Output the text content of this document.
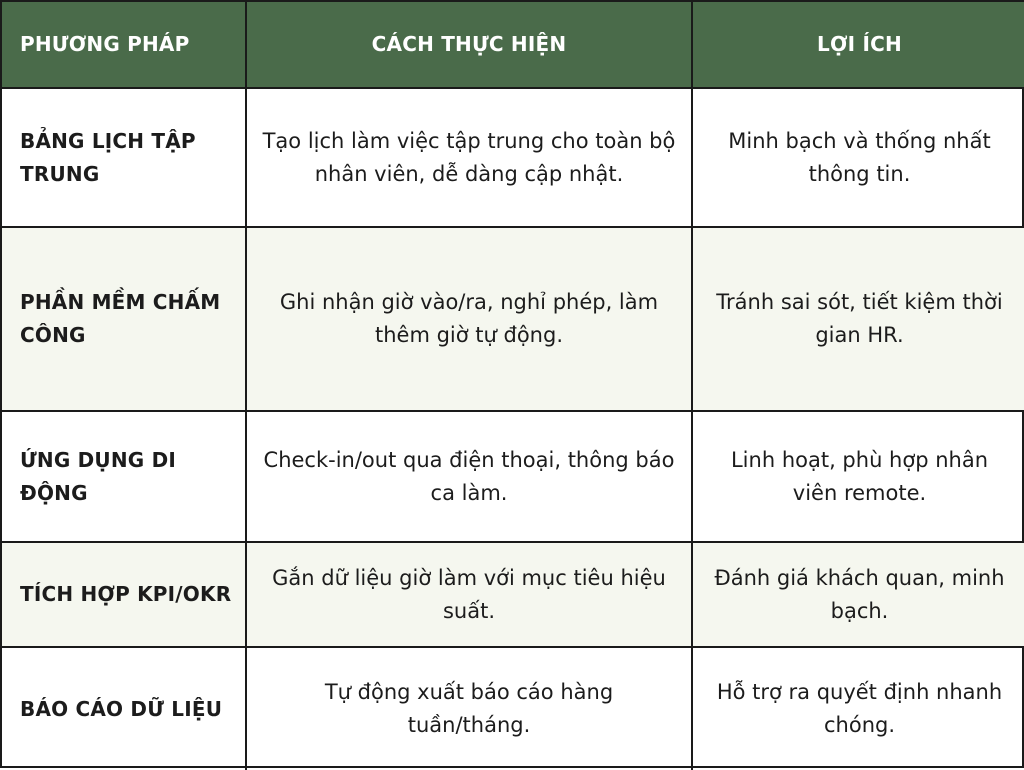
PHƯƠNG PHÁP	CÁCH THỰC HIỆN	LỢI ÍCH
BẢNG LỊCH TẬP TRUNG
Tạo lịch làm việc tập trung cho toàn bộ nhân viên, dễ dàng cập nhật.
Minh bạch và thống nhất thông tin.
PHẦN MỀM CHẤM CÔNG
Ghi nhận giờ vào/ra, nghỉ phép, làm thêm giờ tự động.
Tránh sai sót, tiết kiệm thời gian HR.
ỨNG DỤNG DI ĐỘNG
Check-in/out qua điện thoại, thông báo ca làm.
Linh hoạt, phù hợp nhân viên remote.
TÍCH HỢP KPI/OKR
Gắn dữ liệu giờ làm với mục tiêu hiệu suất.
Đánh giá khách quan, minh bạch.
BÁO CÁO DỮ LIỆU
Tự động xuất báo cáo hàng tuần/tháng.
Hỗ trợ ra quyết định nhanh chóng.
